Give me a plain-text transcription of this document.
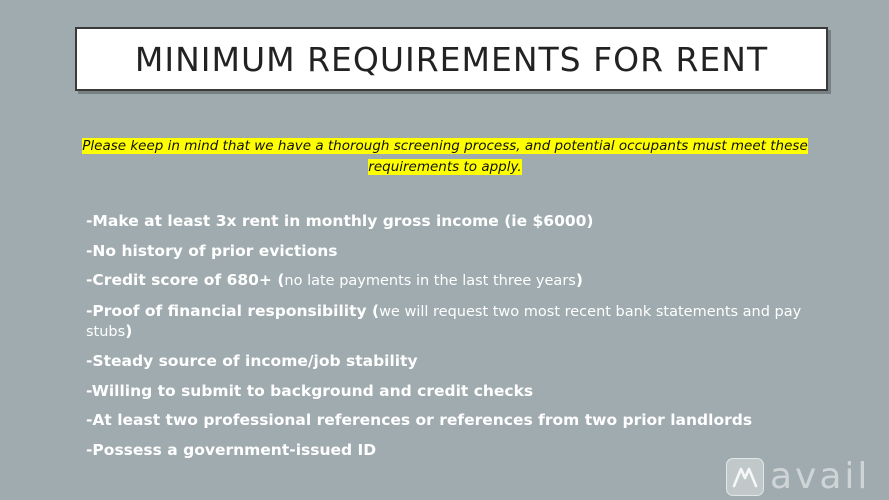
MINIMUM REQUIREMENTS FOR RENT
Please keep in mind that we have a thorough screening process, and potential occupants must meet these requirements to apply.
-Make at least 3x rent in monthly gross income (ie $6000)
-No history of prior evictions
-Credit score of 680+ (no late payments in the last three years)
-Proof of financial responsibility (we will request two most recent bank statements and pay stubs)
-Steady source of income/job stability
-Willing to submit to background and credit checks
-At least two professional references or references from two prior landlords
-Possess a government-issued ID
avail
